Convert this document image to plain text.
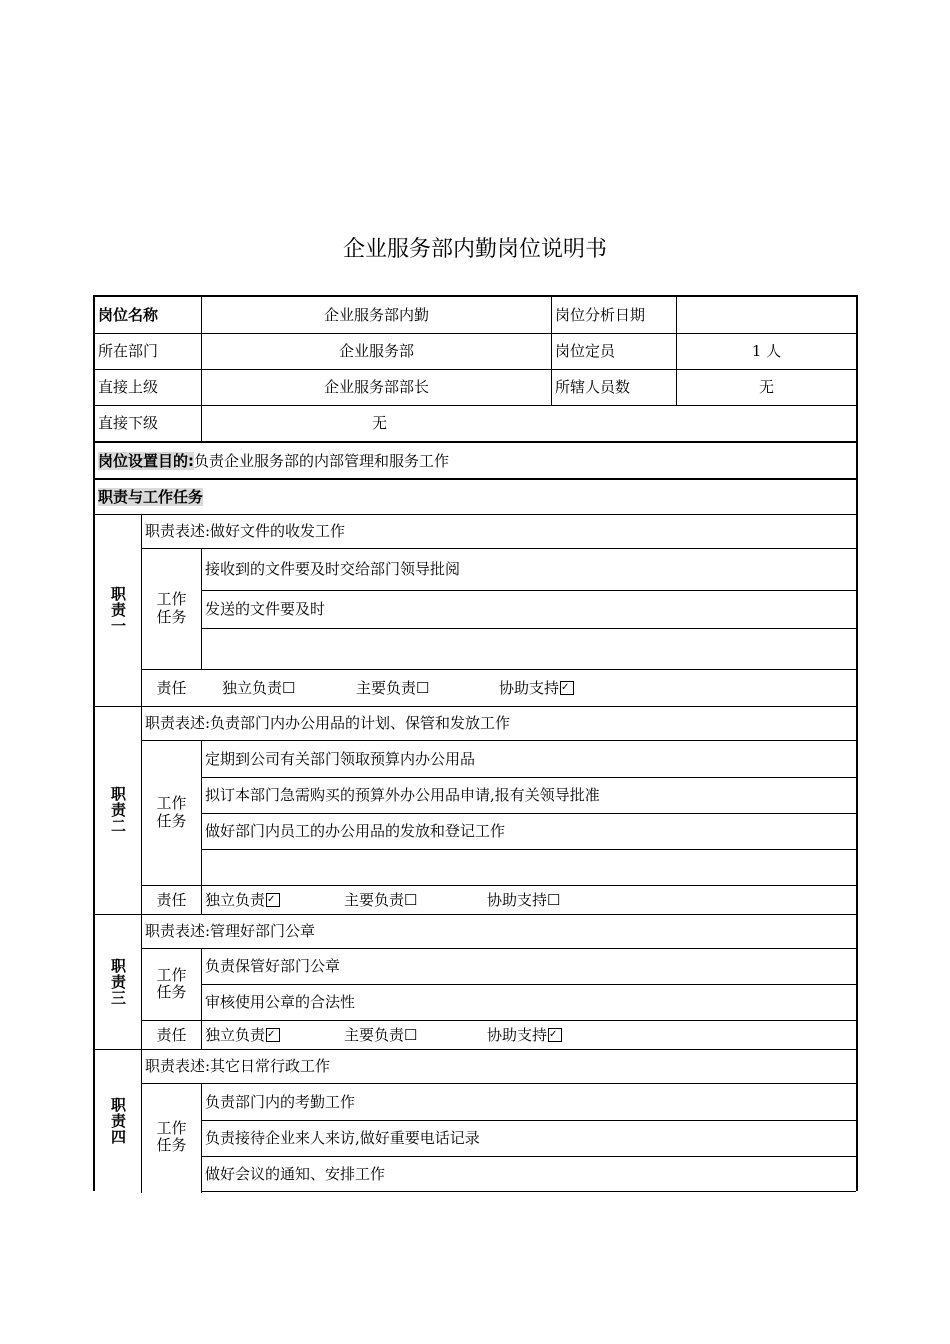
企业服务部内勤岗位说明书
岗位名称	企业服务部内勤	岗位分析日期
所在部门	企业服务部	岗位定员	1 人
直接上级	企业服务部部长	所辖人员数	无
直接下级	无
岗位设置目的: 负责企业服务部的内部管理和服务工作
职责与工作任务
职责一
职责表述:做好文件的收发工作
工作
任务
接收到的文件要及时交给部门领导批阅
发送的文件要及时
责任	独立负责 ☐	主要负责 ☐	协助支持 ✓
职责二
职责表述:负责部门内办公用品的计划、保管和发放工作
工作
任务
定期到公司有关部门领取预算内办公用品
拟订本部门急需购买的预算外办公用品申请,报有关领导批准
做好部门内员工的办公用品的发放和登记工作
责任	独立负责 ✓	主要负责 ☐	协助支持 ☐
职责三
职责表述:管理好部门公章
工作
任务
负责保管好部门公章
审核使用公章的合法性
责任	独立负责 ✓	主要负责 ☐	协助支持 ✓
职责四
职责表述:其它日常行政工作
工作
任务
负责部门内的考勤工作
负责接待企业来人来访,做好重要电话记录
做好会议的通知、安排工作
